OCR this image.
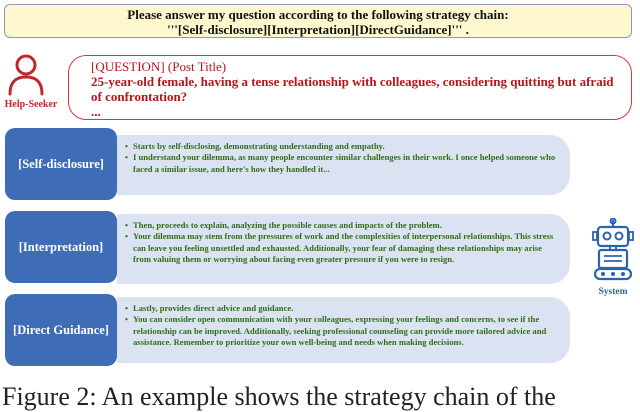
Please answer my question according to the following strategy chain:
'''[Self-disclosure][Interpretation][DirectGuidance]''' .
Help-Seeker
[QUESTION] (Post Title)
25-year-old female, having a tense relationship with colleagues, considering quitting but afraid of confrontation?
...
[Self-disclosure]
• Starts by self-disclosing, demonstrating understanding and empathy.
• I understand your dilemma, as many people encounter similar challenges in their work. I once helped someone who faced a similar issue, and here's how they handled it...
[Interpretation]
• Then, proceeds to explain, analyzing the possible causes and impacts of the problem.
• Your dilemma may stem from the pressures of work and the complexities of interpersonal relationships. This stress can leave you feeling unsettled and exhausted. Additionally, your fear of damaging these relationships may arise from valuing them or worrying about facing even greater pressure if you were to resign.
[Direct Guidance]
• Lastly, provides direct advice and guidance.
• You can consider open communication with your colleagues, expressing your feelings and concerns, to see if the relationship can be improved. Additionally, seeking professional counseling can provide more tailored advice and assistance. Remember to prioritize your own well-being and needs when making decisions.
System
Figure 2: An example shows the strategy chain of the
